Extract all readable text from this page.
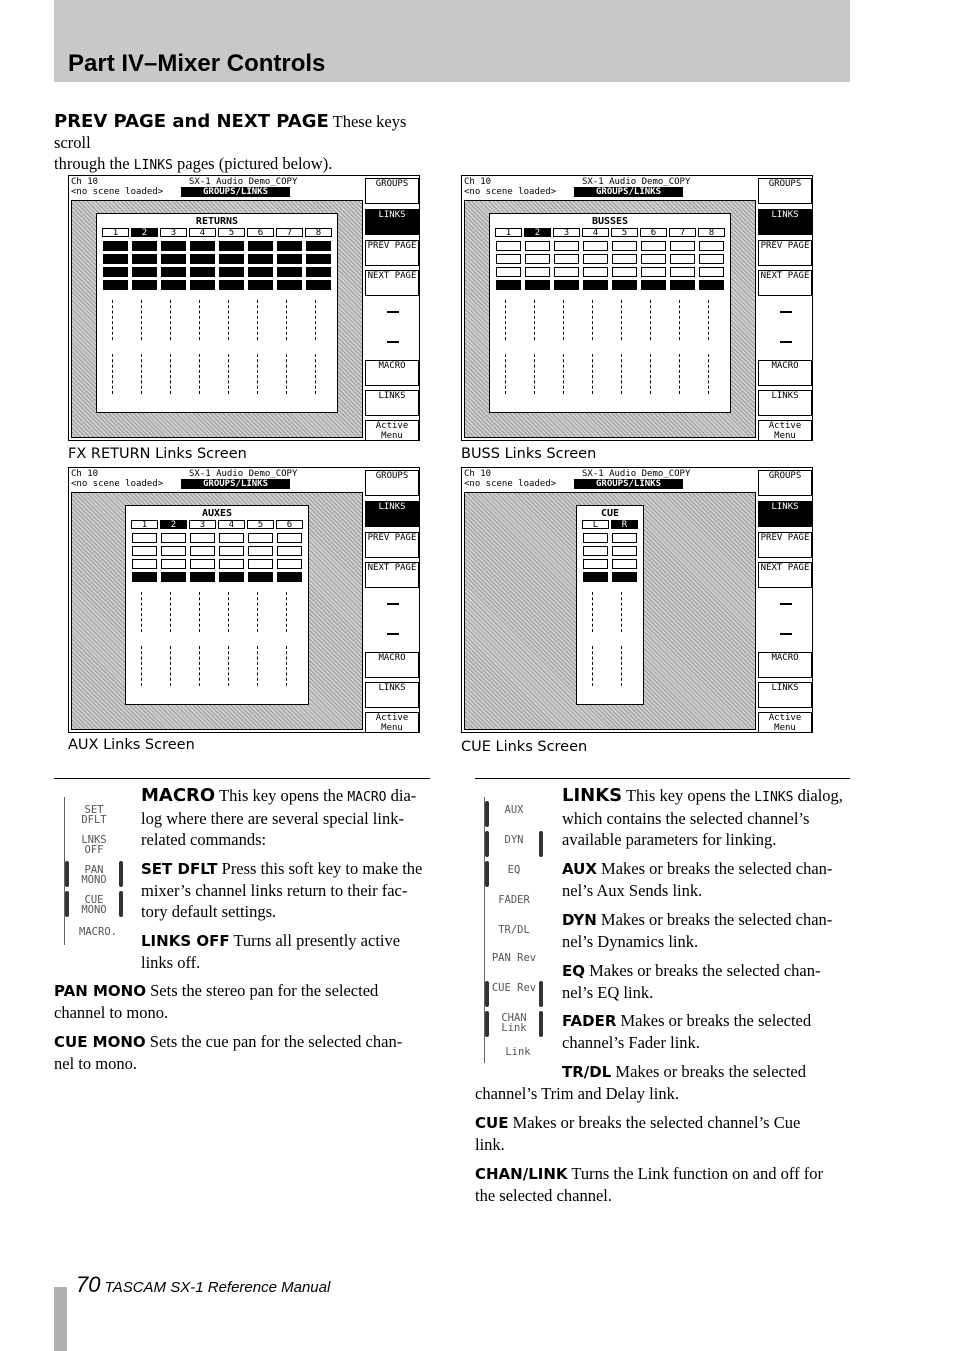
Part IV–Mixer Controls
PREV PAGE and NEXT PAGE These keys scroll
through the LINKS pages (pictured below).
Ch 10
<no scene loaded>
SX-1 Audio Demo_COPY
GROUPS/LINKS
RETURNS
1	2	3	4	5	6	7	8
GROUPS
LINKS
PREV PAGE
NEXT PAGE
MACRO
LINKS
Active Menu
FX RETURN Links Screen
Ch 10
<no scene loaded>
SX-1 Audio Demo_COPY
GROUPS/LINKS
BUSSES
1	2	3	4	5	6	7	8
GROUPS
LINKS
PREV PAGE
NEXT PAGE
MACRO
LINKS
Active Menu
BUSS Links Screen
Ch 10
<no scene loaded>
SX-1 Audio Demo_COPY
GROUPS/LINKS
AUXES
1	2	3	4	5	6
GROUPS
LINKS
PREV PAGE
NEXT PAGE
MACRO
LINKS
Active Menu
AUX Links Screen
Ch 10
<no scene loaded>
SX-1 Audio Demo_COPY
GROUPS/LINKS
CUE
L	R
GROUPS
LINKS
PREV PAGE
NEXT PAGE
MACRO
LINKS
Active Menu
CUE Links Screen
SET DFLT
LNKS OFF
PAN MONO
CUE MONO
MACRO.
MACRO This key opens the MACRO dia-
log where there are several special link-
related commands:
SET DFLT Press this soft key to make the
mixer’s channel links return to their fac-
tory default settings.
LINKS OFF Turns all presently active
links off.
PAN MONO Sets the stereo pan for the selected
channel to mono.
CUE MONO Sets the cue pan for the selected chan-
nel to mono.
AUX
DYN
EQ
FADER
TR/DL
PAN Rev
CUE Rev
CHAN Link
Link
LINKS This key opens the LINKS dialog,
which contains the selected channel’s
available parameters for linking.
AUX Makes or breaks the selected chan-
nel’s Aux Sends link.
DYN Makes or breaks the selected chan-
nel’s Dynamics link.
EQ Makes or breaks the selected chan-
nel’s EQ link.
FADER Makes or breaks the selected
channel’s Fader link.
TR/DL Makes or breaks the selected
channel’s Trim and Delay link.
CUE Makes or breaks the selected channel’s Cue
link.
CHAN/LINK Turns the Link function on and off for
the selected channel.
70 TASCAM SX-1 Reference Manual
